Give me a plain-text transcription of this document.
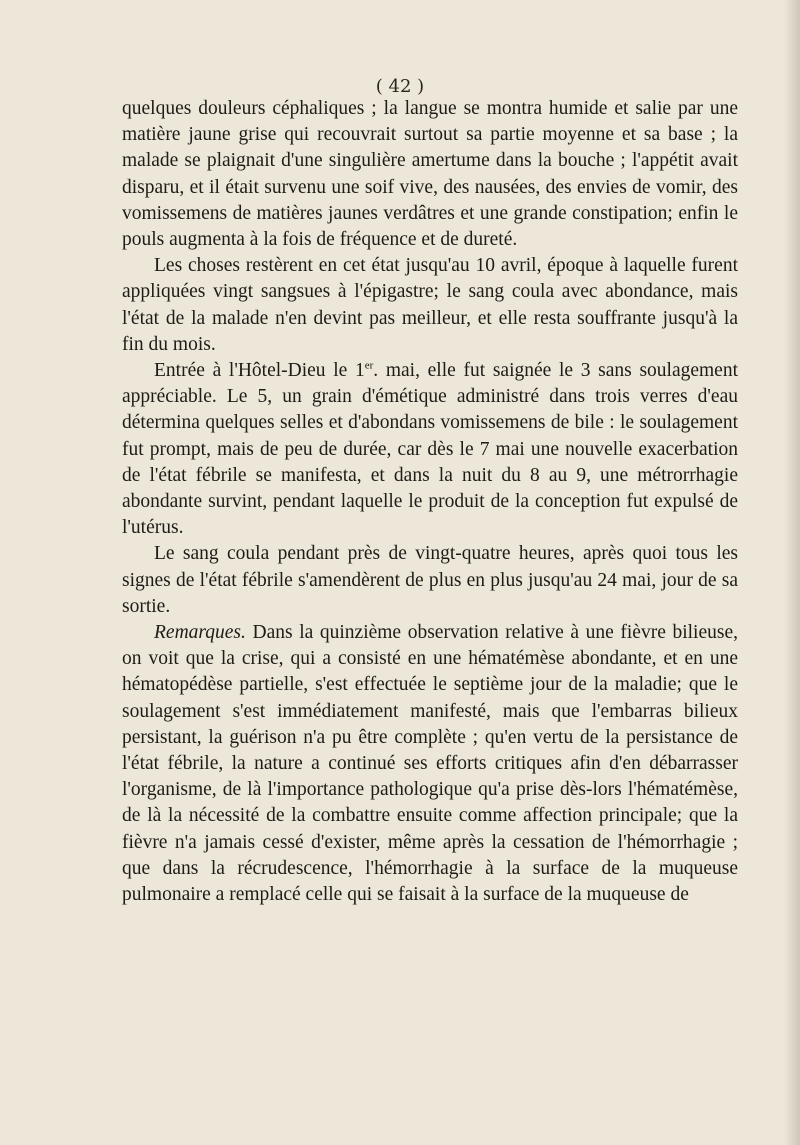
( 42 )

quelques douleurs céphaliques ; la langue se montra humide et salie par une matière jaune grise qui recouvrait surtout sa partie moyenne et sa base ; la malade se plaignait d'une singulière amertume dans la bouche ; l'appétit avait disparu, et il était survenu une soif vive, des nausées, des envies de vomir, des vomissemens de matières jaunes verdâtres et une grande constipation; enfin le pouls augmenta à la fois de fréquence et de dureté.

Les choses restèrent en cet état jusqu'au 10 avril, époque à laquelle furent appliquées vingt sangsues à l'épigastre; le sang coula avec abondance, mais l'état de la malade n'en devint pas meilleur, et elle resta souffrante jusqu'à la fin du mois.

Entrée à l'Hôtel-Dieu le 1er. mai, elle fut saignée le 3 sans soulagement appréciable. Le 5, un grain d'émétique administré dans trois verres d'eau détermina quelques selles et d'abondans vomissemens de bile : le soulagement fut prompt, mais de peu de durée, car dès le 7 mai une nouvelle exacerbation de l'état fébrile se manifesta, et dans la nuit du 8 au 9, une métrorrhagie abondante survint, pendant laquelle le produit de la conception fut expulsé de l'utérus.

Le sang coula pendant près de vingt-quatre heures, après quoi tous les signes de l'état fébrile s'amendèrent de plus en plus jusqu'au 24 mai, jour de sa sortie.

Remarques. Dans la quinzième observation relative à une fièvre bilieuse, on voit que la crise, qui a consisté en une hématémèse abondante, et en une hématopédèse partielle, s'est effectuée le septième jour de la maladie; que le soulagement s'est immédiatement manifesté, mais que l'embarras bilieux persistant, la guérison n'a pu être complète ; qu'en vertu de la persistance de l'état fébrile, la nature a continué ses efforts critiques afin d'en débarrasser l'organisme, de là l'importance pathologique qu'a prise dès-lors l'hématémèse, de là la nécessité de la combattre ensuite comme affection principale; que la fièvre n'a jamais cessé d'exister, même après la cessation de l'hémorrhagie ; que dans la récrudescence, l'hémorrhagie à la surface de la muqueuse pulmonaire a remplacé celle qui se faisait à la surface de la muqueuse de
